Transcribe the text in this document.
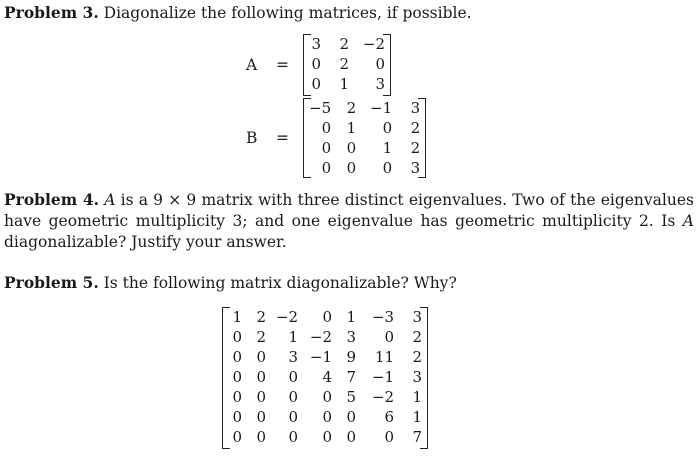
Problem 3. Diagonalize the following matrices, if possible.

A =
3	2	−2
0	2	0
0	1	3
B =
−5	2	−1	3
0	1	0	2
0	0	1	2
0	0	0	3

Problem 4. A is a 9 × 9 matrix with three distinct eigenvalues. Two of the eigenvalues have geometric multiplicity 3; and one eigenvalue has geometric multiplicity 2. Is A diagonalizable? Justify your answer.

Problem 5. Is the following matrix diagonalizable? Why?

1	2	−2	0	1	−3	3
0	2	1	−2	3	0	2
0	0	3	−1	9	11	2
0	0	0	4	7	−1	3
0	0	0	0	5	−2	1
0	0	0	0	0	6	1
0	0	0	0	0	0	7
